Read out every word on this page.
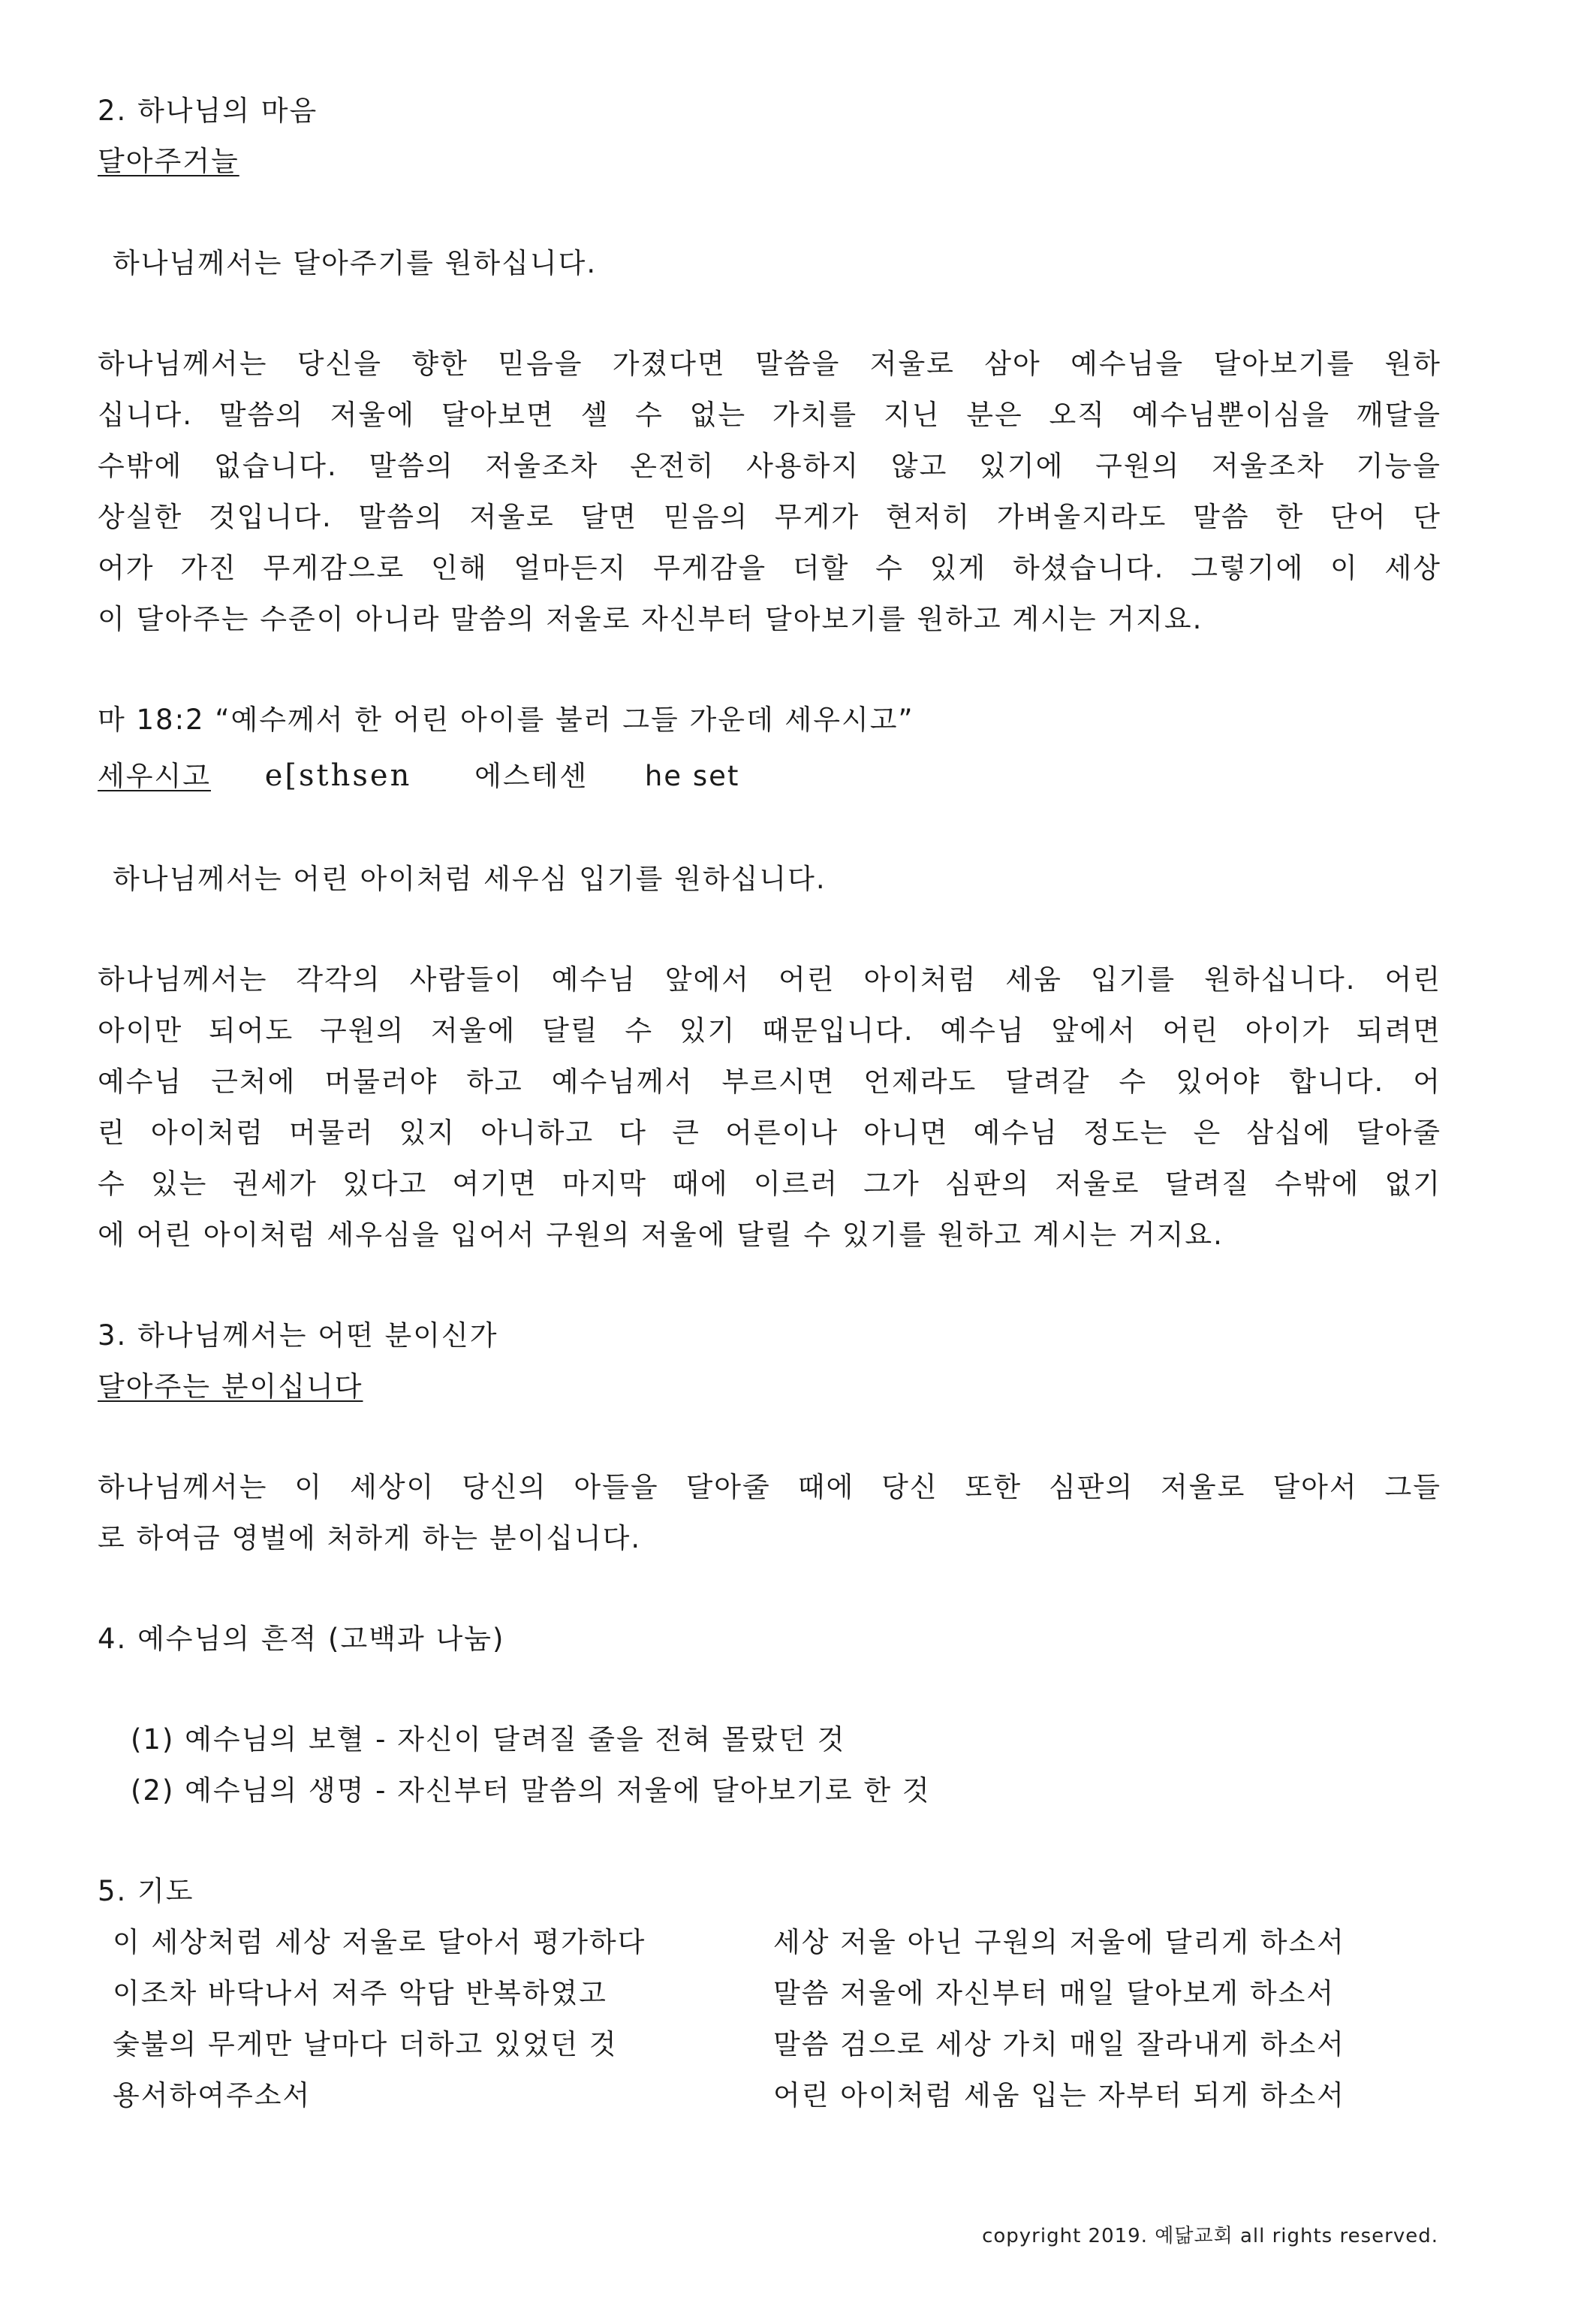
2. 하나님의 마음
달아주거늘
하나님께서는 달아주기를 원하십니다.
하나님께서는 당신을 향한 믿음을 가졌다면 말씀을 저울로 삼아 예수님을 달아보기를 원하
십니다. 말씀의 저울에 달아보면 셀 수 없는 가치를 지닌 분은 오직 예수님뿐이심을 깨달을
수밖에 없습니다. 말씀의 저울조차 온전히 사용하지 않고 있기에 구원의 저울조차 기능을
상실한 것입니다. 말씀의 저울로 달면 믿음의 무게가 현저히 가벼울지라도 말씀 한 단어 단
어가 가진 무게감으로 인해 얼마든지 무게감을 더할 수 있게 하셨습니다. 그렇기에 이 세상
이 달아주는 수준이 아니라 말씀의 저울로 자신부터 달아보기를 원하고 계시는 거지요.
마 18:2 “예수께서 한 어린 아이를 불러 그들 가운데 세우시고”
세우시고 e[sthsen 에스테센 he set
하나님께서는 어린 아이처럼 세우심 입기를 원하십니다.
하나님께서는 각각의 사람들이 예수님 앞에서 어린 아이처럼 세움 입기를 원하십니다. 어린
아이만 되어도 구원의 저울에 달릴 수 있기 때문입니다. 예수님 앞에서 어린 아이가 되려면
예수님 근처에 머물러야 하고 예수님께서 부르시면 언제라도 달려갈 수 있어야 합니다. 어
린 아이처럼 머물러 있지 아니하고 다 큰 어른이나 아니면 예수님 정도는 은 삼십에 달아줄
수 있는 권세가 있다고 여기면 마지막 때에 이르러 그가 심판의 저울로 달려질 수밖에 없기
에 어린 아이처럼 세우심을 입어서 구원의 저울에 달릴 수 있기를 원하고 계시는 거지요.
3. 하나님께서는 어떤 분이신가
달아주는 분이십니다
하나님께서는 이 세상이 당신의 아들을 달아줄 때에 당신 또한 심판의 저울로 달아서 그들
로 하여금 영벌에 처하게 하는 분이십니다.
4. 예수님의 흔적 (고백과 나눔)
(1) 예수님의 보혈 - 자신이 달려질 줄을 전혀 몰랐던 것
(2) 예수님의 생명 - 자신부터 말씀의 저울에 달아보기로 한 것
5. 기도
이 세상처럼 세상 저울로 달아서 평가하다
이조차 바닥나서 저주 악담 반복하였고
숯불의 무게만 날마다 더하고 있었던 것
용서하여주소서
세상 저울 아닌 구원의 저울에 달리게 하소서
말씀 저울에 자신부터 매일 달아보게 하소서
말씀 검으로 세상 가치 매일 잘라내게 하소서
어린 아이처럼 세움 입는 자부터 되게 하소서
copyright 2019. 예닮교회 all rights reserved.
